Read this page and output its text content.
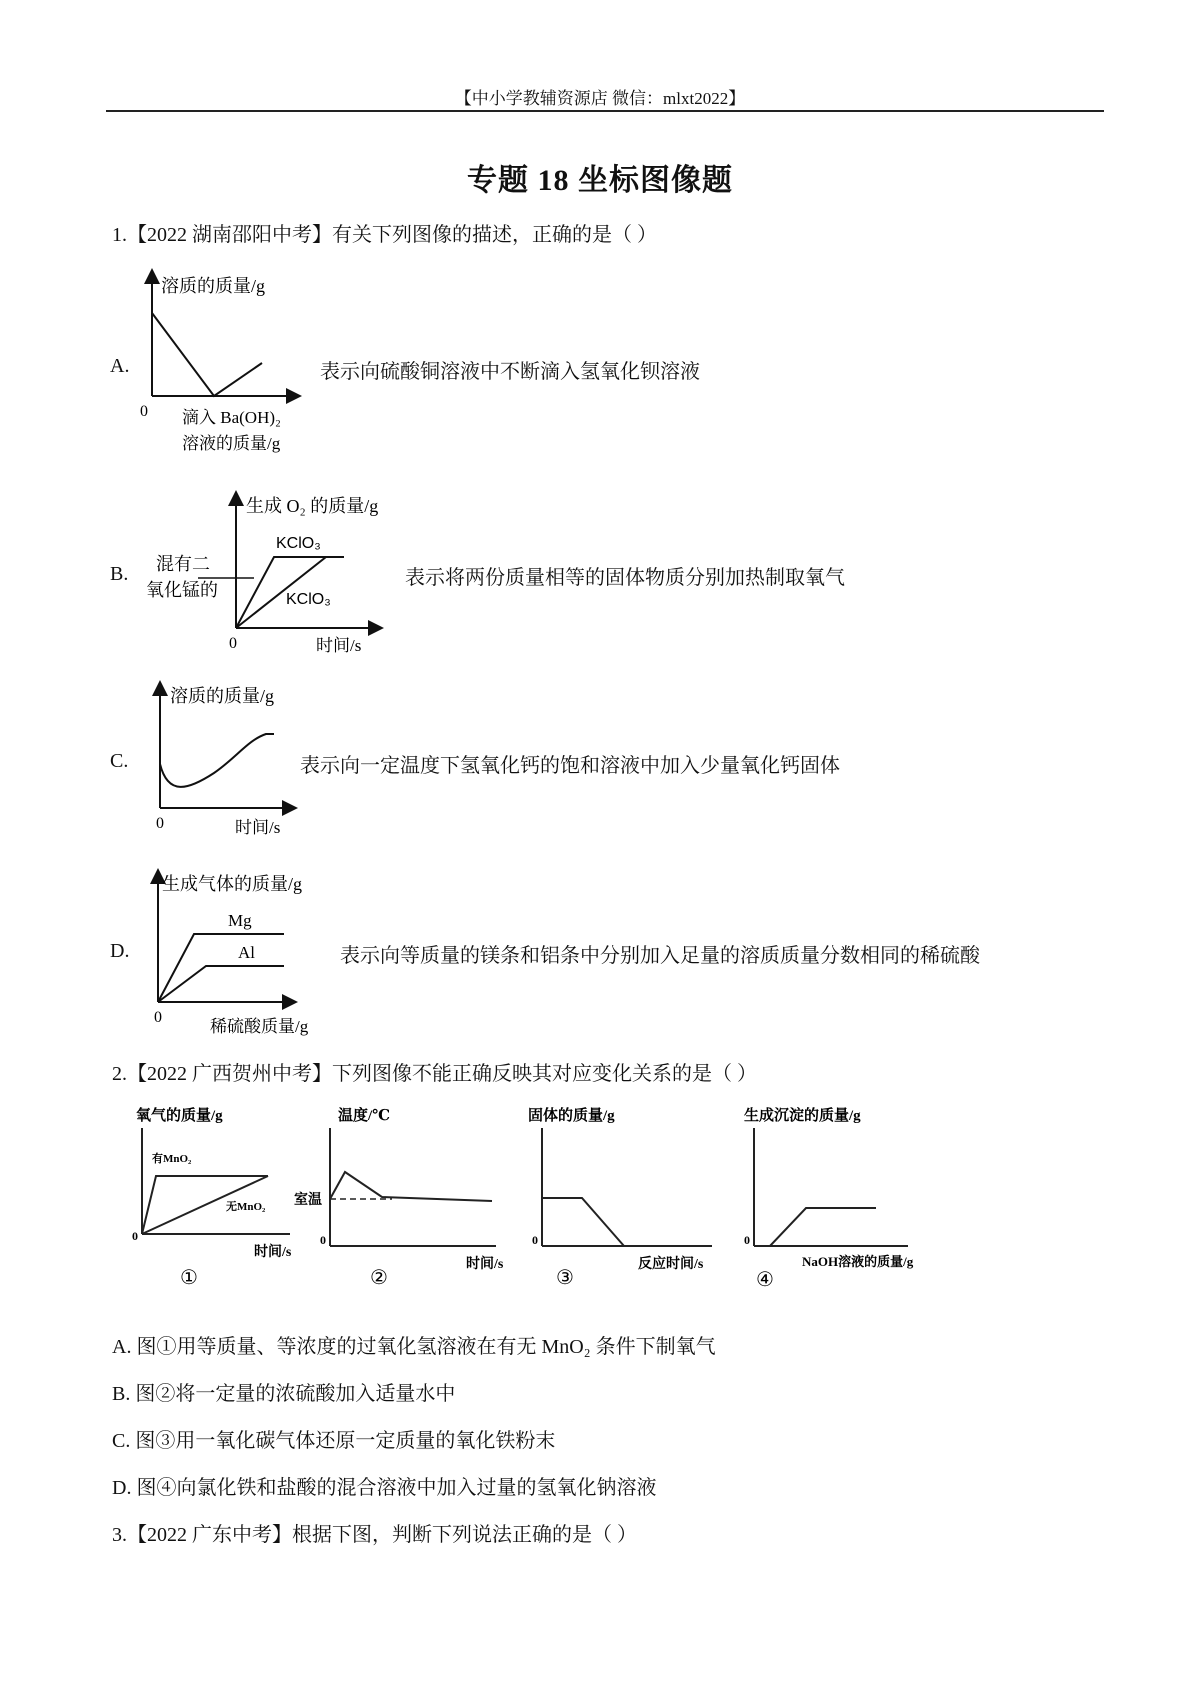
【中小学教辅资源店 微信：mlxt2022】
专题 18 坐标图像题
1.【2022 湖南邵阳中考】有关下列图像的描述，正确的是（ ）
A.
溶质的质量/g
0 滴入 Ba(OH)₂
溶液的质量/g
表示向硫酸铜溶液中不断滴入氢氧化钡溶液
B.
生成 O₂ 的质量/g
KClO₃
KClO₃
混有二
氧化锰的
0	时间/s
表示将两份质量相等的固体物质分别加热制取氧气
C.
溶质的质量/g
0	时间/s
表示向一定温度下氢氧化钙的饱和溶液中加入少量氧化钙固体
D.
生成气体的质量/g
Mg
Al
0	稀硫酸质量/g
表示向等质量的镁条和铝条中分别加入足量的溶质质量分数相同的稀硫酸
2.【2022 广西贺州中考】下列图像不能正确反映其对应变化关系的是（ ）
氧气的质量/g
有MnO₂
无MnO₂
0
时间/s
①
温度/℃
室温
0
时间/s
②
固体的质量/g
0
反应时间/s
③
生成沉淀的质量/g
0
NaOH溶液的质量/g
④
A. 图①用等质量、等浓度的过氧化氢溶液在有无 MnO₂ 条件下制氧气
B. 图②将一定量的浓硫酸加入适量水中
C. 图③用一氧化碳气体还原一定质量的氧化铁粉末
D. 图④向氯化铁和盐酸的混合溶液中加入过量的氢氧化钠溶液
3.【2022 广东中考】根据下图，判断下列说法正确的是（ ）
